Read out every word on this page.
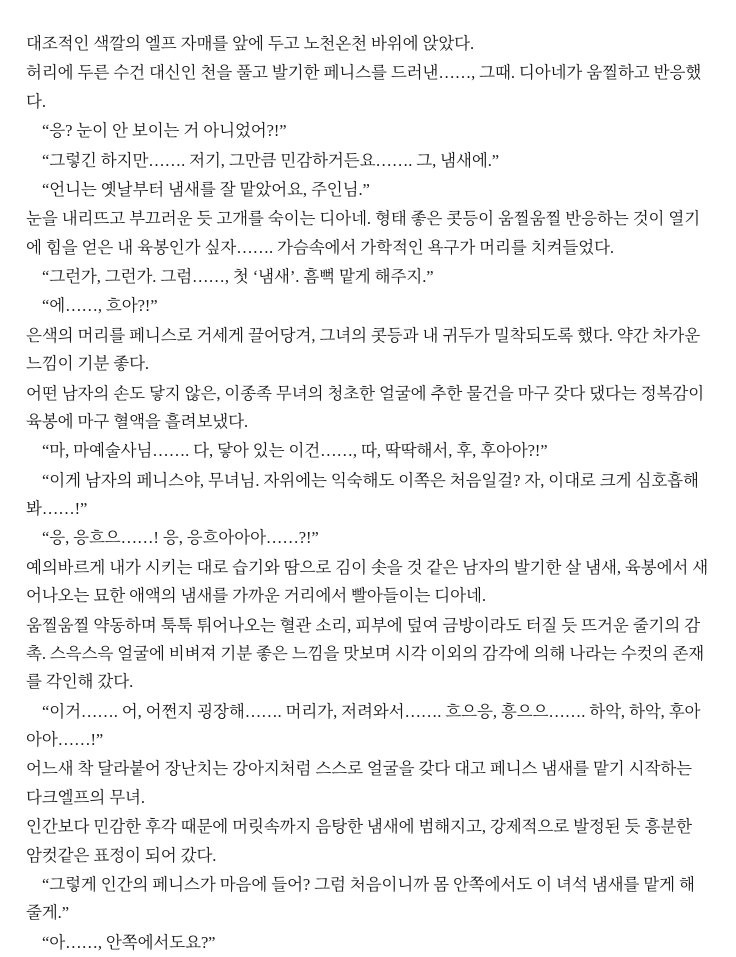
대조적인 색깔의 엘프 자매를 앞에 두고 노천온천 바위에 앉았다.

허리에 두른 수건 대신인 천을 풀고 발기한 페니스를 드러낸……, 그때. 디아네가 움찔하고 반응했다.

“응? 눈이 안 보이는 거 아니었어?!”

“그렇긴 하지만……. 저기, 그만큼 민감하거든요……. 그, 냄새에.”

“언니는 옛날부터 냄새를 잘 맡았어요, 주인님.”

눈을 내리뜨고 부끄러운 듯 고개를 숙이는 디아네. 형태 좋은 콧등이 움찔움찔 반응하는 것이 열기에 힘을 얻은 내 육봉인가 싶자……. 가슴속에서 가학적인 욕구가 머리를 치켜들었다.

“그런가, 그런가. 그럼……, 첫 ‘냄새’. 흠뻑 맡게 해주지.”

“에……, 흐아?!”

은색의 머리를 페니스로 거세게 끌어당겨, 그녀의 콧등과 내 귀두가 밀착되도록 했다. 약간 차가운 느낌이 기분 좋다.

어떤 남자의 손도 닿지 않은, 이종족 무녀의 청초한 얼굴에 추한 물건을 마구 갖다 댔다는 정복감이 육봉에 마구 혈액을 흘려보냈다.

“마, 마예술사님……. 다, 닿아 있는 이건……, 따, 딱딱해서, 후, 후아아?!”

“이게 남자의 페니스야, 무녀님. 자위에는 익숙해도 이쪽은 처음일걸? 자, 이대로 크게 심호흡해봐……!”

“응, 응흐으……! 응, 응흐아아아……?!”

예의바르게 내가 시키는 대로 습기와 땀으로 김이 솟을 것 같은 남자의 발기한 살 냄새, 육봉에서 새어나오는 묘한 애액의 냄새를 가까운 거리에서 빨아들이는 디아네.

움찔움찔 약동하며 툭툭 튀어나오는 혈관 소리, 피부에 덮여 금방이라도 터질 듯 뜨거운 줄기의 감촉. 스윽스윽 얼굴에 비벼져 기분 좋은 느낌을 맛보며 시각 이외의 감각에 의해 나라는 수컷의 존재를 각인해 갔다.

“이거……. 어, 어쩐지 굉장해……. 머리가, 저려와서……. 흐으응, 흥으으……. 하악, 하악, 후아아아……!”

어느새 착 달라붙어 장난치는 강아지처럼 스스로 얼굴을 갖다 대고 페니스 냄새를 맡기 시작하는 다크엘프의 무녀.

인간보다 민감한 후각 때문에 머릿속까지 음탕한 냄새에 범해지고, 강제적으로 발정된 듯 흥분한 암컷같은 표정이 되어 갔다.

“그렇게 인간의 페니스가 마음에 들어? 그럼 처음이니까 몸 안쪽에서도 이 녀석 냄새를 맡게 해줄게.”

“아……, 안쪽에서도요?”
